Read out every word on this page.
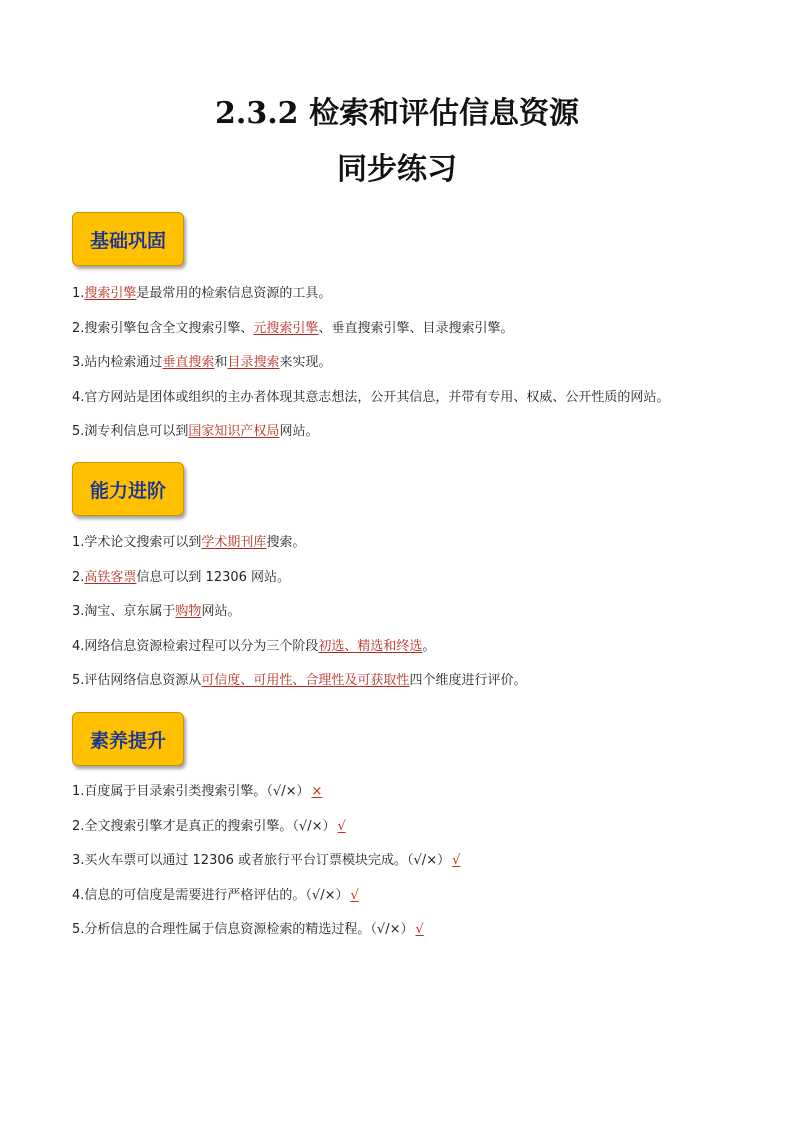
2.3.2 检索和评估信息资源
同步练习
基础巩固
1.搜索引擎是最常用的检索信息资源的工具。
2.搜索引擎包含全文搜索引擎、元搜索引擎、垂直搜索引擎、目录搜索引擎。
3.站内检索通过垂直搜索和目录搜索来实现。
4.官方网站是团体或组织的主办者体现其意志想法，公开其信息，并带有专用、权威、公开性质的网站。
5.浏专利信息可以到国家知识产权局网站。
能力进阶
1.学术论文搜索可以到学术期刊库搜索。
2.高铁客票信息可以到 12306 网站。
3.淘宝、京东属于购物网站。
4.网络信息资源检索过程可以分为三个阶段初选、精选和终选。
5.评估网络信息资源从可信度、可用性、合理性及可获取性四个维度进行评价。
素养提升
1.百度属于目录索引类搜索引擎。（√/×） ×
2.全文搜索引擎才是真正的搜索引擎。（√/×） √
3.买火车票可以通过 12306 或者旅行平台订票模块完成。（√/×） √
4.信息的可信度是需要进行严格评估的。（√/×） √
5.分析信息的合理性属于信息资源检索的精选过程。（√/×） √
